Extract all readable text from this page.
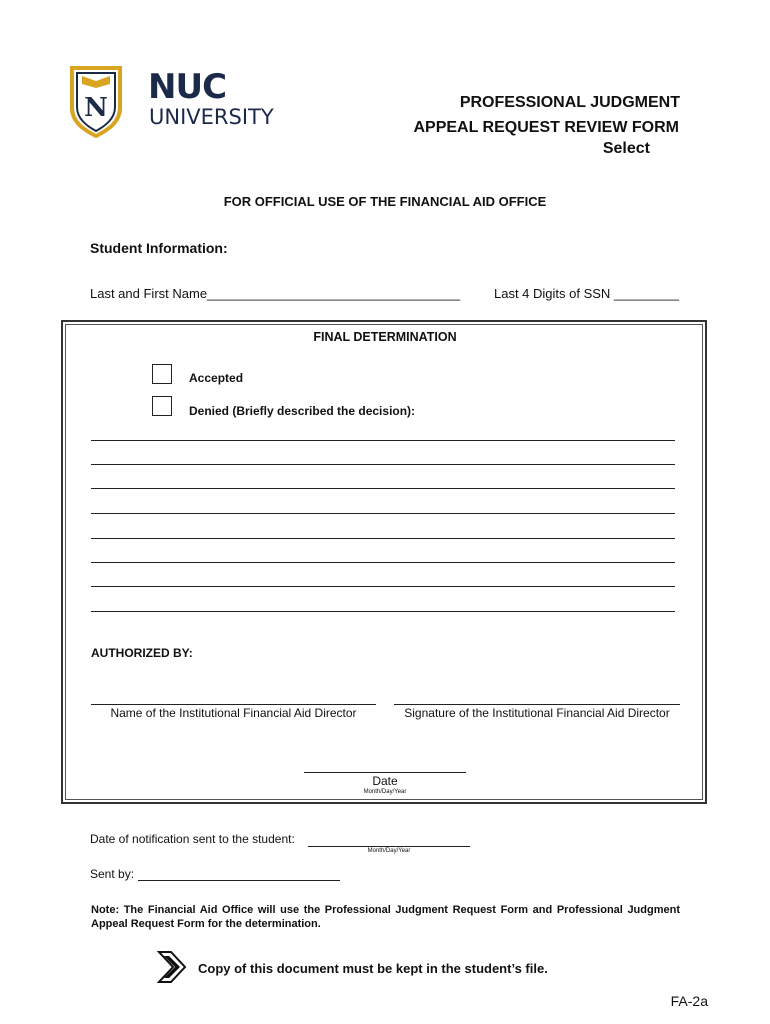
N
NUC
UNIVERSITY
PROFESSIONAL JUDGMENT
APPEAL REQUEST REVIEW FORM
Select
FOR OFFICIAL USE OF THE FINANCIAL AID OFFICE
Student Information:
Last and First Name___________________________________	Last 4 Digits of SSN _________
FINAL DETERMINATION
Accepted
Denied (Briefly described the decision):
AUTHORIZED BY:
Name of the Institutional Financial Aid Director	Signature of the Institutional Financial Aid Director
Date
Month/Day/Year
Date of notification sent to the student:
Month/Day/Year
Sent by:
Note: The Financial Aid Office will use the Professional Judgment Request Form and Professional Judgment Appeal Request Form for the determination.
Copy of this document must be kept in the student’s file.
FA-2a
